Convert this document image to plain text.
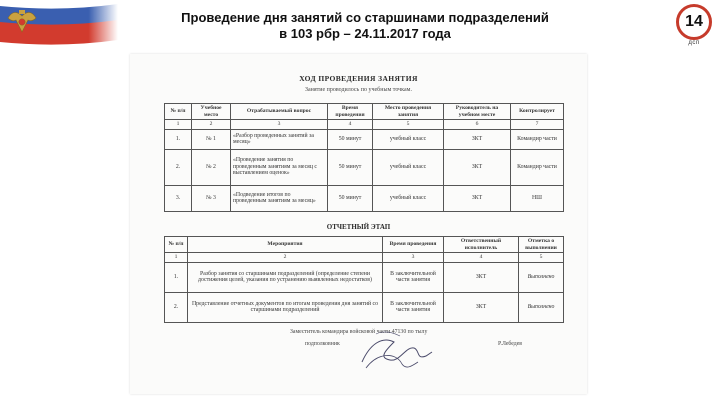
Проведение дня занятий со старшинами подразделений
в 103 рбр – 24.11.2017 года
14
дсп
ХОД ПРОВЕДЕНИЯ ЗАНЯТИЯ
Занятие проводилось по учебным точкам.
№ п/п	Учебное место	Отрабатываемый вопрос	Время проведения	Место проведения занятия	Руководитель на учебном месте	Контролирует
1	2	3	4	5	6	7
1.	№ 1	«Разбор проведенных занятий за месяц»	50 минут	учебный класс	ЗКТ	Командир части
2.	№ 2	«Проведение занятия по проведенным занятиям за месяц с выставлением оценок»	50 минут	учебный класс	ЗКТ	Командир части
3.	№ 3	«Подведение итогов по проведенным занятиям за месяц»	50 минут	учебный класс	ЗКТ	НШ
ОТЧЕТНЫЙ ЭТАП
№ п/п	Мероприятия	Время проведения	Ответственный исполнитель	Отметка о выполнении
1	2	3	4	5
1.	Разбор занятия со старшинами подразделений (определение степени достижения целей, указания по устранению выявленных недостатков)	В заключительной части занятия	ЗКТ	Выполнено
2.	Представление отчетных документов по итогам проведения дня занятий со старшинами подразделений	В заключительной части занятия	ЗКТ	Выполнено
Заместитель командира войсковой части 47130 по тылу
подполковник	Р.Лебедев
